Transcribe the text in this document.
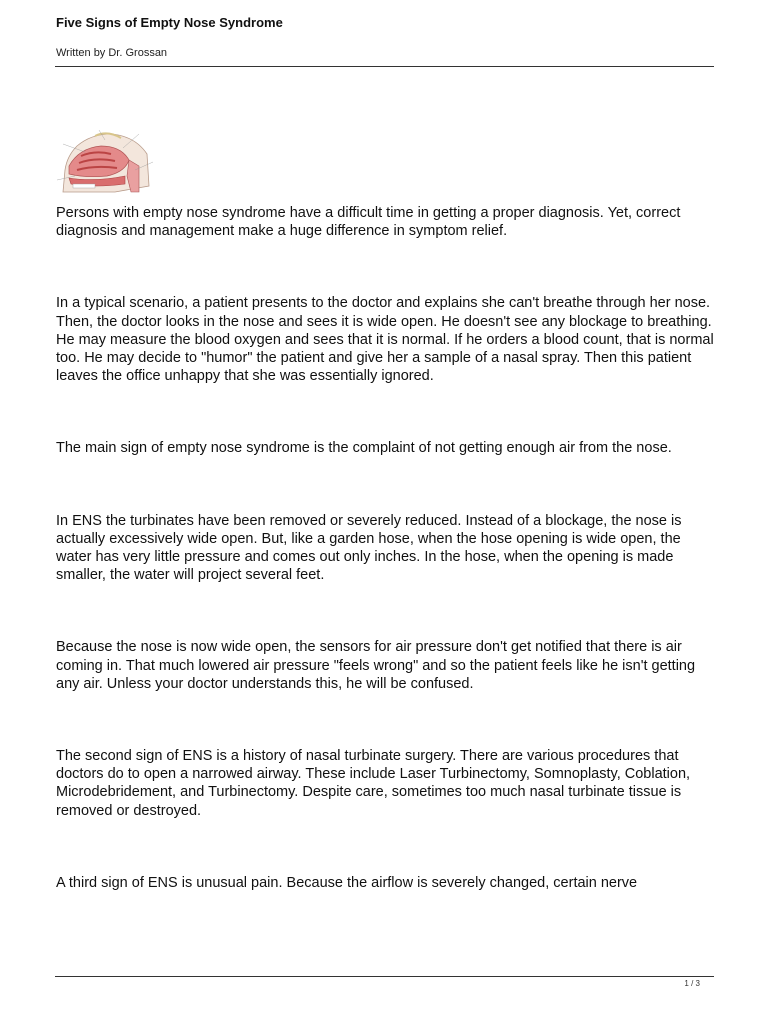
Five Signs of Empty Nose Syndrome
Written by Dr. Grossan

Persons with empty nose syndrome have a difficult time in getting a proper diagnosis. Yet, correct diagnosis and management make a huge difference in symptom relief.

In a typical scenario, a patient presents to the doctor and explains she can't breathe through her nose. Then, the doctor looks in the nose and sees it is wide open. He doesn't see any blockage to breathing. He may measure the blood oxygen and sees that it is normal. If he orders a blood count, that is normal too. He may decide to "humor" the patient and give her a sample of a nasal spray. Then this patient leaves the office unhappy that she was essentially ignored.

The main sign of empty nose syndrome is the complaint of not getting enough air from the nose.

In ENS the turbinates have been removed or severely reduced. Instead of a blockage, the nose is actually excessively wide open. But, like a garden hose, when the hose opening is wide open, the water has very little pressure and comes out only inches. In the hose, when the opening is made smaller, the water will project several feet.

Because the nose is now wide open, the sensors for air pressure don't get notified that there is air coming in. That much lowered air pressure "feels wrong" and so the patient feels like he isn't getting any air. Unless your doctor understands this, he will be confused.

The second sign of ENS is a history of nasal turbinate surgery. There are various procedures that doctors do to open a narrowed airway. These include Laser Turbinectomy, Somnoplasty, Coblation, Microdebridement, and Turbinectomy. Despite care, sometimes too much nasal turbinate tissue is removed or destroyed.

A third sign of ENS is unusual pain. Because the airflow is severely changed, certain nerve

1 / 3
